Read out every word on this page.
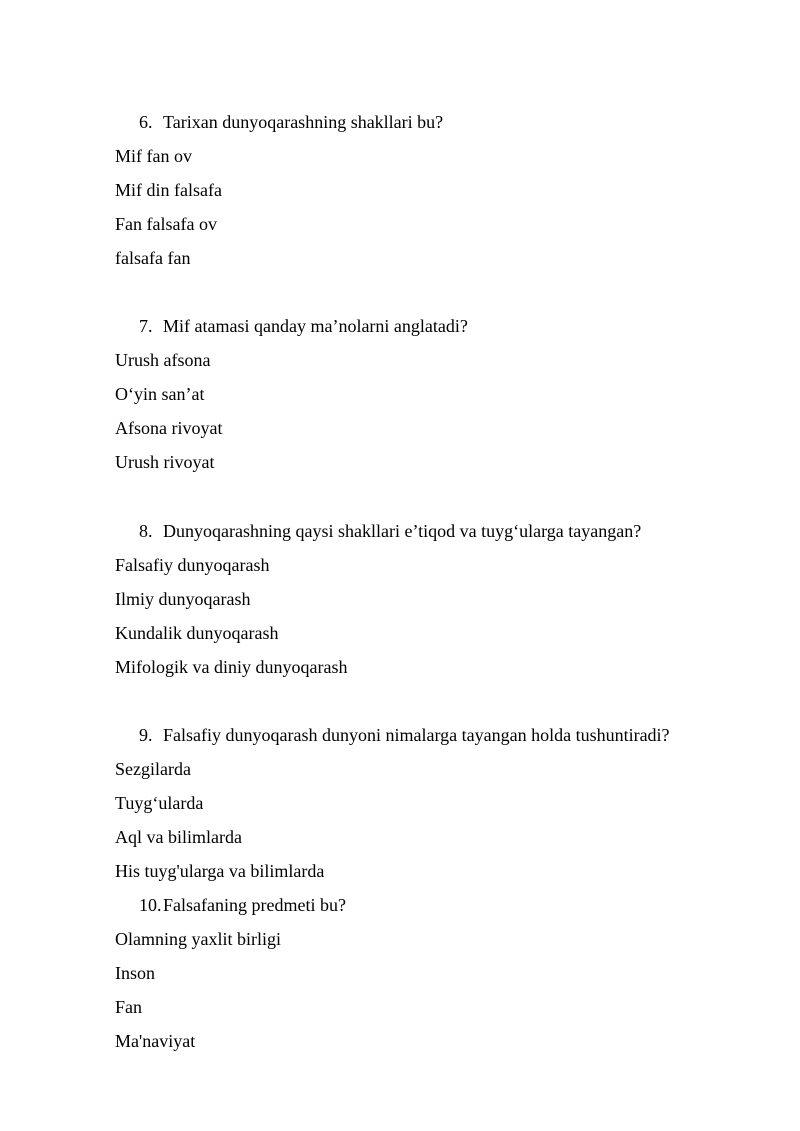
6. Tarixan dunyoqarashning shakllari bu?
Mif fan ov
Mif din falsafa
Fan falsafa ov
falsafa fan
7. Mif atamasi qanday ma’nolarni anglatadi?
Urush afsona
O‘yin san’at
Afsona rivoyat
Urush rivoyat
8. Dunyoqarashning qaysi shakllari e’tiqod va tuyg‘ularga tayangan?
Falsafiy dunyoqarash
Ilmiy dunyoqarash
Kundalik dunyoqarash
Mifologik va diniy dunyoqarash
9. Falsafiy dunyoqarash dunyoni nimalarga tayangan holda tushuntiradi?
Sezgilarda
Tuyg‘ularda
Aql va bilimlarda
His tuyg'ularga va bilimlarda
10.Falsafaning predmeti bu?
Olamning yaxlit birligi
Inson
Fan
Ma'naviyat
